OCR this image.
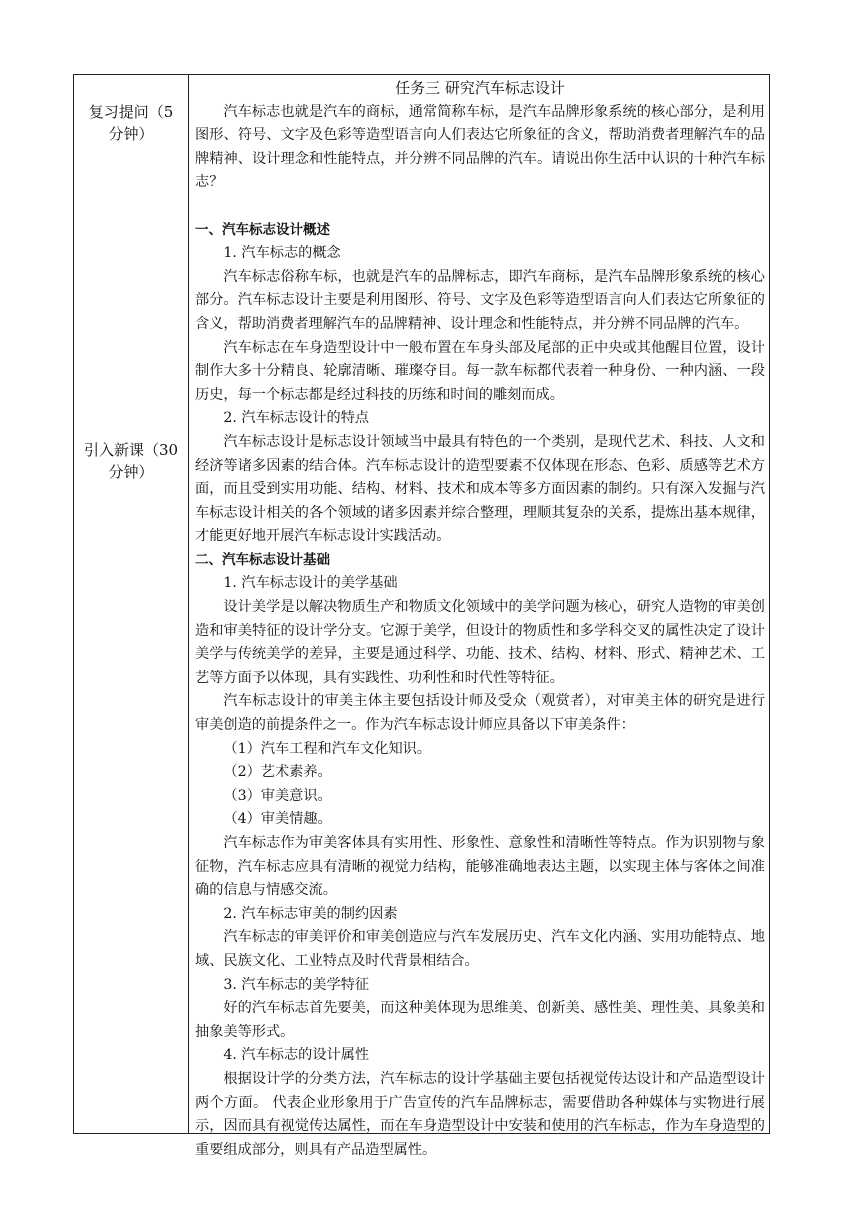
复习提问（5
分钟）
引入新课（30
分钟）

任务三 研究汽车标志设计

汽车标志也就是汽车的商标，通常简称车标，是汽车品牌形象系统的核心部分，是利用图形、符号、文字及色彩等造型语言向人们表达它所象征的含义，帮助消费者理解汽车的品牌精神、设计理念和性能特点，并分辨不同品牌的汽车。请说出你生活中认识的十种汽车标志？

一、汽车标志设计概述

1. 汽车标志的概念

汽车标志俗称车标，也就是汽车的品牌标志，即汽车商标，是汽车品牌形象系统的核心部分。汽车标志设计主要是利用图形、符号、文字及色彩等造型语言向人们表达它所象征的含义，帮助消费者理解汽车的品牌精神、设计理念和性能特点，并分辨不同品牌的汽车。

汽车标志在车身造型设计中一般布置在车身头部及尾部的正中央或其他醒目位置，设计制作大多十分精良、轮廓清晰、璀璨夺目。每一款车标都代表着一种身份、一种内涵、一段历史，每一个标志都是经过科技的历练和时间的雕刻而成。

2. 汽车标志设计的特点

汽车标志设计是标志设计领域当中最具有特色的一个类别，是现代艺术、科技、人文和经济等诸多因素的结合体。汽车标志设计的造型要素不仅体现在形态、色彩、质感等艺术方面，而且受到实用功能、结构、材料、技术和成本等多方面因素的制约。只有深入发掘与汽车标志设计相关的各个领域的诸多因素并综合整理，理顺其复杂的关系，提炼出基本规律，才能更好地开展汽车标志设计实践活动。

二、汽车标志设计基础

1. 汽车标志设计的美学基础

设计美学是以解决物质生产和物质文化领域中的美学问题为核心，研究人造物的审美创造和审美特征的设计学分支。它源于美学，但设计的物质性和多学科交叉的属性决定了设计美学与传统美学的差异，主要是通过科学、功能、技术、结构、材料、形式、精神艺术、工艺等方面予以体现，具有实践性、功利性和时代性等特征。

汽车标志设计的审美主体主要包括设计师及受众（观赏者），对审美主体的研究是进行审美创造的前提条件之一。作为汽车标志设计师应具备以下审美条件：

（1）汽车工程和汽车文化知识。

（2）艺术素养。

（3）审美意识。

（4）审美情趣。

汽车标志作为审美客体具有实用性、形象性、意象性和清晰性等特点。作为识别物与象征物，汽车标志应具有清晰的视觉力结构，能够准确地表达主题，以实现主体与客体之间准确的信息与情感交流。

2. 汽车标志审美的制约因素

汽车标志的审美评价和审美创造应与汽车发展历史、汽车文化内涵、实用功能特点、地域、民族文化、工业特点及时代背景相结合。

3. 汽车标志的美学特征

好的汽车标志首先要美，而这种美体现为思维美、创新美、感性美、理性美、具象美和抽象美等形式。

4. 汽车标志的设计属性

根据设计学的分类方法，汽车标志的设计学基础主要包括视觉传达设计和产品造型设计两个方面。 代表企业形象用于广告宣传的汽车品牌标志，需要借助各种媒体与实物进行展示，因而具有视觉传达属性，而在车身造型设计中安装和使用的汽车标志，作为车身造型的重要组成部分，则具有产品造型属性。
